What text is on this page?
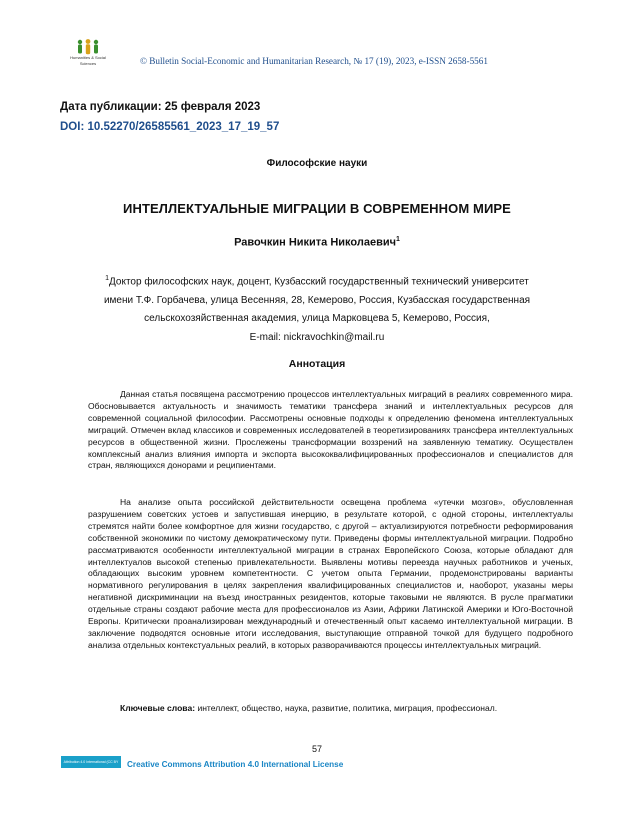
Humanities & Social
Sciences	© Bulletin Social-Economic and Humanitarian Research, № 17 (19), 2023, e-ISSN 2658-5561
Дата публикации: 25 февраля 2023
DOI: 10.52270/26585561_2023_17_19_57
Философские науки
ИНТЕЛЛЕКТУАЛЬНЫЕ МИГРАЦИИ В СОВРЕМЕННОМ МИРЕ
Равочкин Никита Николаевич$^1$
$^1$Доктор философских наук, доцент, Кузбасский государственный технический университет
имени Т.Ф. Горбачева, улица Весенняя, 28, Кемерово, Россия, Кузбасская государственная
сельскохозяйственная академия, улица Марковцева 5, Кемерово, Россия,
E-mail: nickravochkin@mail.ru
Аннотация

Данная статья посвящена рассмотрению процессов интеллектуальных миграций в реалиях современного мира. Обосновывается актуальность и значимость тематики трансфера знаний и интеллектуальных ресурсов для современной социальной философии. Рассмотрены основные подходы к определению феномена интеллектуальных миграций. Отмечен вклад классиков и современных исследователей в теоретизированиях трансфера интеллектуальных ресурсов в общественной жизни. Прослежены трансформации воззрений на заявленную тематику. Осуществлен комплексный анализ влияния импорта и экспорта высококвалифицированных профессионалов и специалистов для стран, являющихся донорами и реципиентами.

На анализе опыта российской действительности освещена проблема «утечки мозгов», обусловленная разрушением советских устоев и запустившая инерцию, в результате которой, с одной стороны, интеллектуалы стремятся найти более комфортное для жизни государство, с другой – актуализируются потребности реформирования собственной экономики по чистому демократическому пути. Приведены формы интеллектуальной миграции. Подробно рассматриваются особенности интеллектуальной миграции в странах Европейского Союза, которые обладают для интеллектуалов высокой степенью привлекательности. Выявлены мотивы переезда научных работников и ученых, обладающих высоким уровнем компетентности. С учетом опыта Германии, продемонстрированы варианты нормативного регулирования в целях закрепления квалифицированных специалистов и, наоборот, указаны меры негативной дискриминации на въезд иностранных резидентов, которые таковыми не являются. В русле прагматики отдельные страны создают рабочие места для профессионалов из Азии, Африки Латинской Америки и Юго-Восточной Европы. Критически проанализирован международный и отечественный опыт касаемо интеллектуальной миграции. В заключение подводятся основные итоги исследования, выступающие отправной точкой для будущего подробного анализа отдельных контекстуальных реалий, в которых разворачиваются процессы интеллектуальных миграций.

Ключевые слова: интеллект, общество, наука, развитие, политика, миграция, профессионал.
57
Attribution 4.0 International (CC BY 4.0)
Creative Commons Attribution 4.0 International License
